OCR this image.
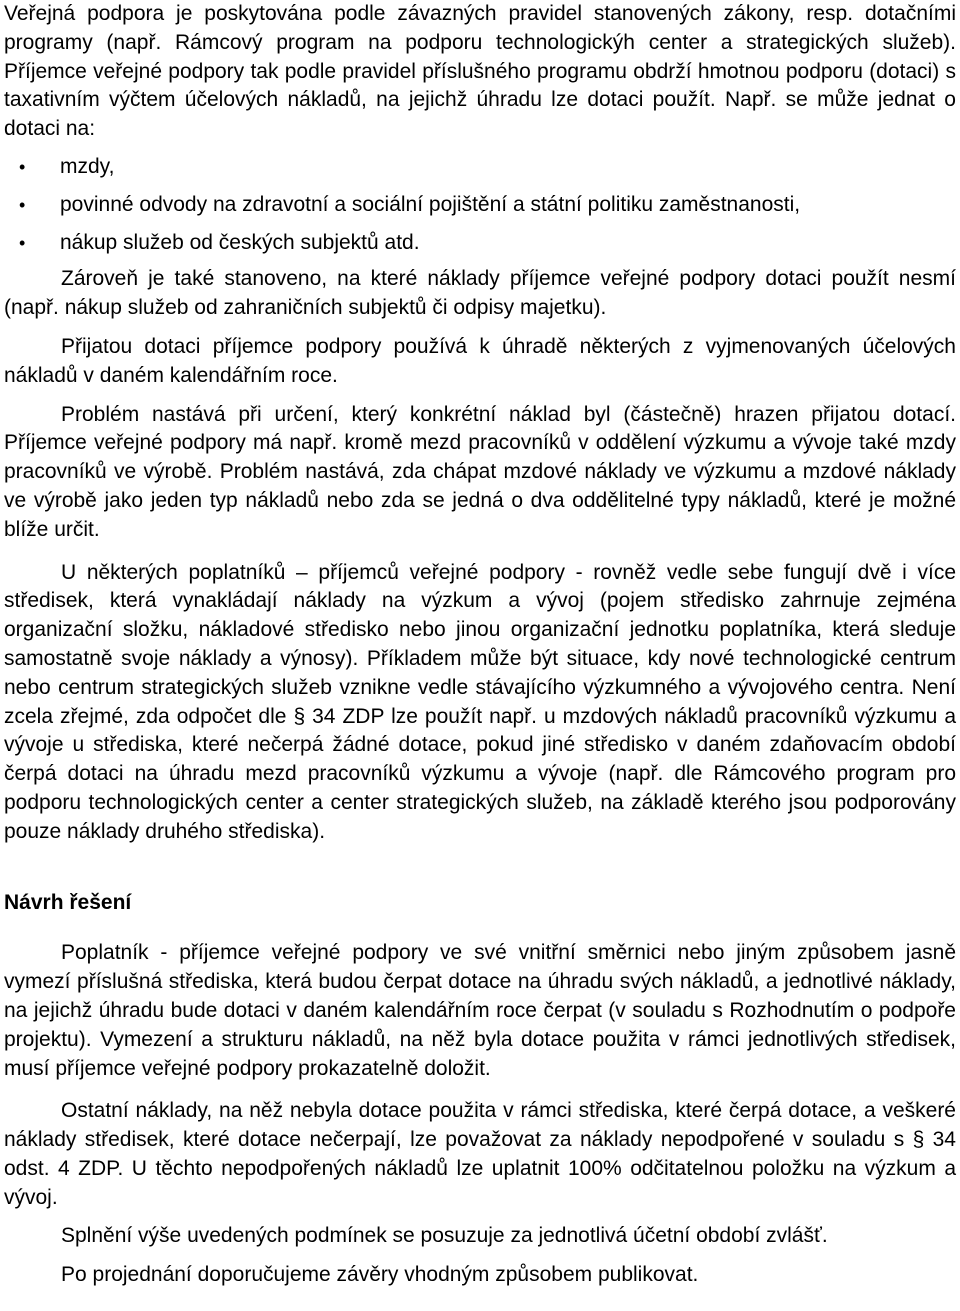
Veřejná podpora je poskytována podle závazných pravidel stanovených zákony, resp. dotačními programy (např. Rámcový program na podporu technologickýh center a strategických služeb). Příjemce veřejné podpory tak podle pravidel příslušného programu obdrží hmotnou podporu (dotaci) s taxativním výčtem účelových nákladů, na jejichž úhradu lze dotaci použít. Např. se může jednat o dotaci na:

• mzdy,
• povinné odvody na zdravotní a sociální pojištění a státní politiku zaměstnanosti,
• nákup služeb od českých subjektů atd.

Zároveň je také stanoveno, na které náklady příjemce veřejné podpory dotaci použít nesmí (např. nákup služeb od zahraničních subjektů či odpisy majetku).

Přijatou dotaci příjemce podpory používá k úhradě některých z vyjmenovaných účelových nákladů v daném kalendářním roce.

Problém nastává při určení, který konkrétní náklad byl (částečně) hrazen přijatou dotací. Příjemce veřejné podpory má např. kromě mezd pracovníků v oddělení výzkumu a vývoje také mzdy pracovníků ve výrobě. Problém nastává, zda chápat mzdové náklady ve výzkumu a mzdové náklady ve výrobě jako jeden typ nákladů nebo zda se jedná o dva oddělitelné typy nákladů, které je možné blíže určit.

U některých poplatníků – příjemců veřejné podpory - rovněž vedle sebe fungují dvě i více středisek, která vynakládají náklady na výzkum a vývoj (pojem středisko zahrnuje zejména organizační složku, nákladové středisko nebo jinou organizační jednotku poplatníka, která sleduje samostatně svoje náklady a výnosy). Příkladem může být situace, kdy nové technologické centrum nebo centrum strategických služeb vznikne vedle stávajícího výzkumného a vývojového centra. Není zcela zřejmé, zda odpočet dle § 34 ZDP lze použít např. u mzdových nákladů pracovníků výzkumu a vývoje u střediska, které nečerpá žádné dotace, pokud jiné středisko v daném zdaňovacím období čerpá dotaci na úhradu mezd pracovníků výzkumu a vývoje (např. dle Rámcového program pro podporu technologických center a center strategických služeb, na základě kterého jsou podporovány pouze náklady druhého střediska).

Návrh řešení

Poplatník - příjemce veřejné podpory ve své vnitřní směrnici nebo jiným způsobem jasně vymezí příslušná střediska, která budou čerpat dotace na úhradu svých nákladů, a jednotlivé náklady, na jejichž úhradu bude dotaci v daném kalendářním roce čerpat (v souladu s Rozhodnutím o podpoře projektu). Vymezení a strukturu nákladů, na něž byla dotace použita v rámci jednotlivých středisek, musí příjemce veřejné podpory prokazatelně doložit.

Ostatní náklady, na něž nebyla dotace použita v rámci střediska, které čerpá dotace, a veškeré náklady středisek, které dotace nečerpají, lze považovat za náklady nepodpořené v souladu s § 34 odst. 4 ZDP. U těchto nepodpořených nákladů lze uplatnit 100% odčitatelnou položku na výzkum a vývoj.

Splnění výše uvedených podmínek se posuzuje za jednotlivá účetní období zvlášť.

Po projednání doporučujeme závěry vhodným způsobem publikovat.
